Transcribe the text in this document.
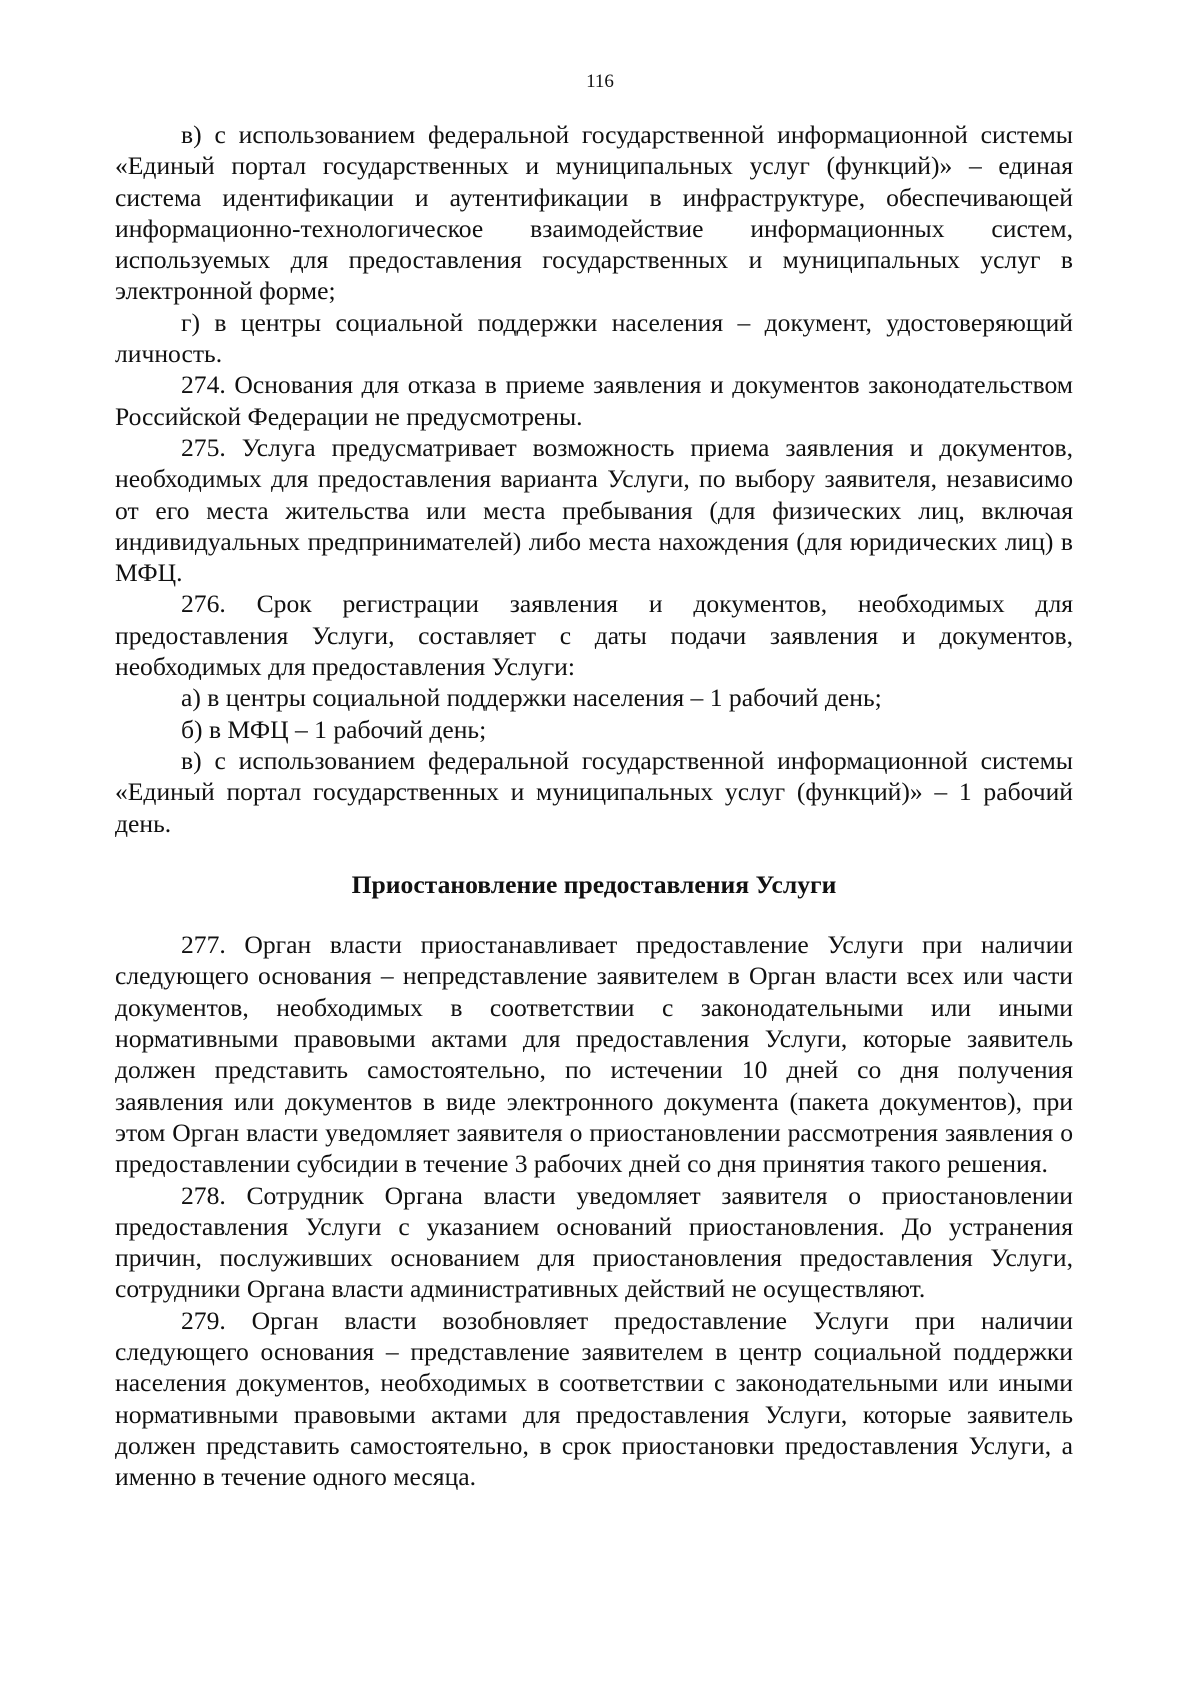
116

в) с использованием федеральной государственной информационной системы «Единый портал государственных и муниципальных услуг (функций)» – единая система идентификации и аутентификации в инфраструктуре, обеспечивающей информационно-технологическое взаимодействие информационных систем, используемых для предоставления государственных и муниципальных услуг в электронной форме;

г) в центры социальной поддержки населения – документ, удостоверяющий личность.

274. Основания для отказа в приеме заявления и документов законодательством Российской Федерации не предусмотрены.

275. Услуга предусматривает возможность приема заявления и документов, необходимых для предоставления варианта Услуги, по выбору заявителя, независимо от его места жительства или места пребывания (для физических лиц, включая индивидуальных предпринимателей) либо места нахождения (для юридических лиц) в МФЦ.

276. Срок регистрации заявления и документов, необходимых для предоставления Услуги, составляет с даты подачи заявления и документов, необходимых для предоставления Услуги:

а) в центры социальной поддержки населения – 1 рабочий день;

б) в МФЦ – 1 рабочий день;

в) с использованием федеральной государственной информационной системы «Единый портал государственных и муниципальных услуг (функций)» – 1 рабочий день.

Приостановление предоставления Услуги

277. Орган власти приостанавливает предоставление Услуги при наличии следующего основания – непредставление заявителем в Орган власти всех или части документов, необходимых в соответствии с законодательными или иными нормативными правовыми актами для предоставления Услуги, которые заявитель должен представить самостоятельно, по истечении 10 дней со дня получения заявления или документов в виде электронного документа (пакета документов), при этом Орган власти уведомляет заявителя о приостановлении рассмотрения заявления о предоставлении субсидии в течение 3 рабочих дней со дня принятия такого решения.

278. Сотрудник Органа власти уведомляет заявителя о приостановлении предоставления Услуги с указанием оснований приостановления. До устранения причин, послуживших основанием для приостановления предоставления Услуги, сотрудники Органа власти административных действий не осуществляют.

279. Орган власти возобновляет предоставление Услуги при наличии следующего основания – представление заявителем в центр социальной поддержки населения документов, необходимых в соответствии с законодательными или иными нормативными правовыми актами для предоставления Услуги, которые заявитель должен представить самостоятельно, в срок приостановки предоставления Услуги, а именно в течение одного месяца.
